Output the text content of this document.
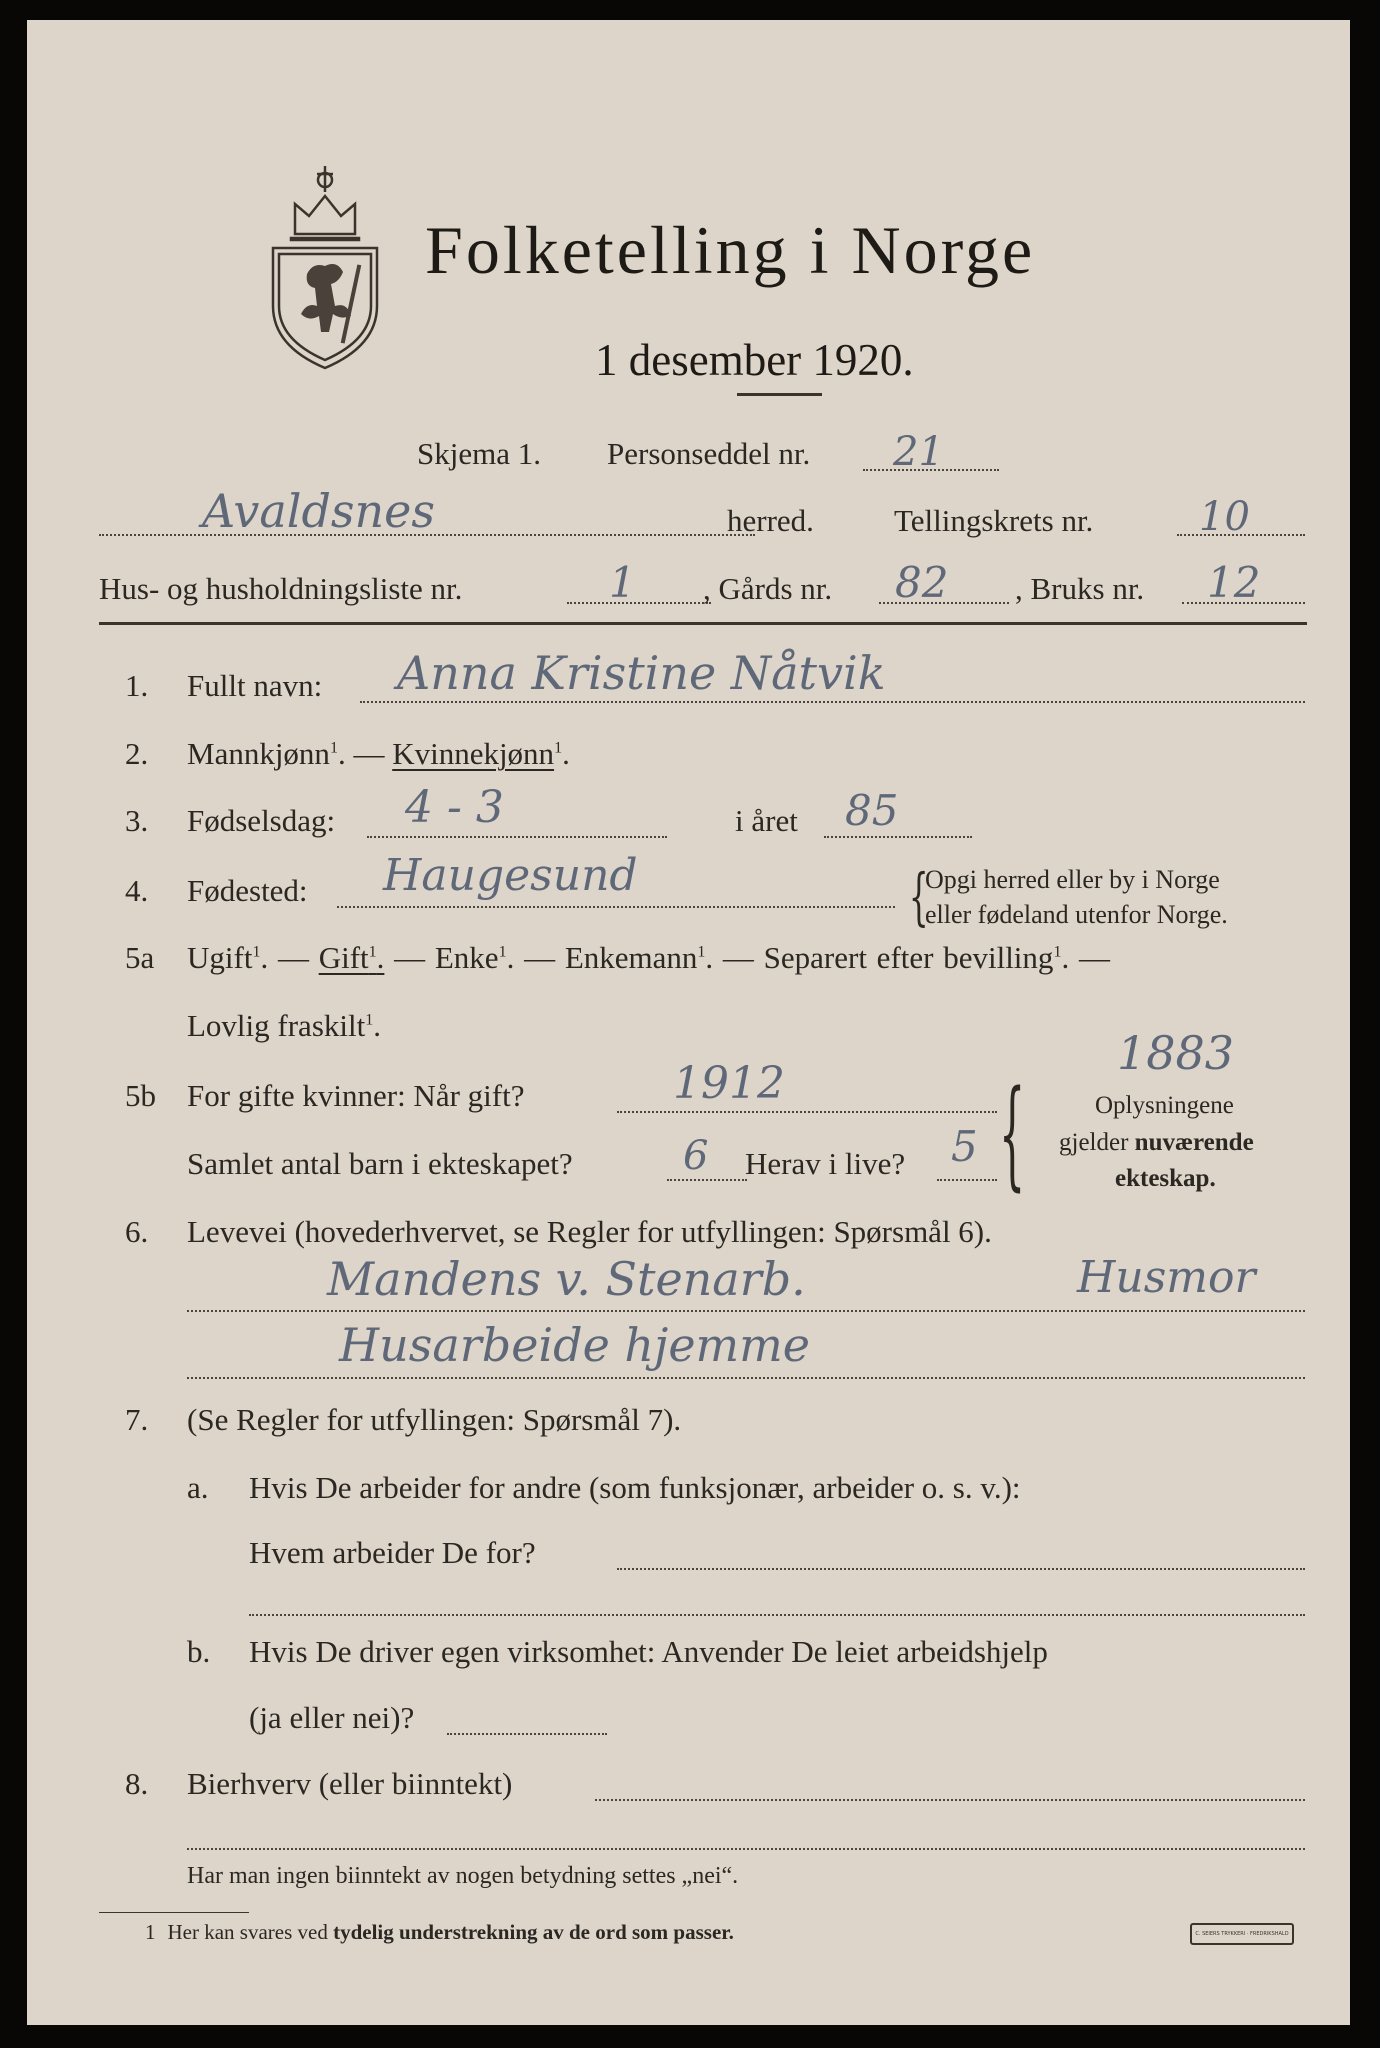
Folketelling i Norge
1 desember 1920.
Skjema 1. Personseddel nr. 21
Avaldsnes	herred.	Tellingskrets nr.	10
Hus- og husholdningsliste nr.	1 , Gårds nr. 82 , Bruks nr. 12
1. Fullt navn: Anna Kristine Nåtvik
2. Mannkjønn$^1$. — Kvinnekjønn$^1$.
3. Fødselsdag: 4 - 3	i året 85
4. Fødested: Haugesund	{
Opgi herred eller by i Norge
eller fødeland utenfor Norge.
5a Ugift$^1$. — Gift$^1$. — Enke$^1$. — Enkemann$^1$. — Separert efter bevilling$^1$. —
Lovlig fraskilt$^1$.
1883
5b For gifte kvinner: Når gift?	1912
Samlet antal barn i ekteskapet?	6 Herav i live? 5 {	Oplysningene
gjelder nuværende
ekteskap.
6. Levevei (hovederhvervet, se Regler for utfyllingen: Spørsmål 6).
Mandens v. Stenarb.	Husmor
Husarbeide hjemme
7. (Se Regler for utfyllingen: Spørsmål 7).
a. Hvis De arbeider for andre (som funksjonær, arbeider o. s. v.):
Hvem arbeider De for?
b. Hvis De driver egen virksomhet: Anvender De leiet arbeidshjelp
(ja eller nei)?
8. Bierhverv (eller biinntekt)
Har man ingen biinntekt av nogen betydning settes „nei“.
1 Her kan svares ved tydelig understrekning av de ord som passer.	C. SEIERS TRYKKERI · FREDRIKSHALD
